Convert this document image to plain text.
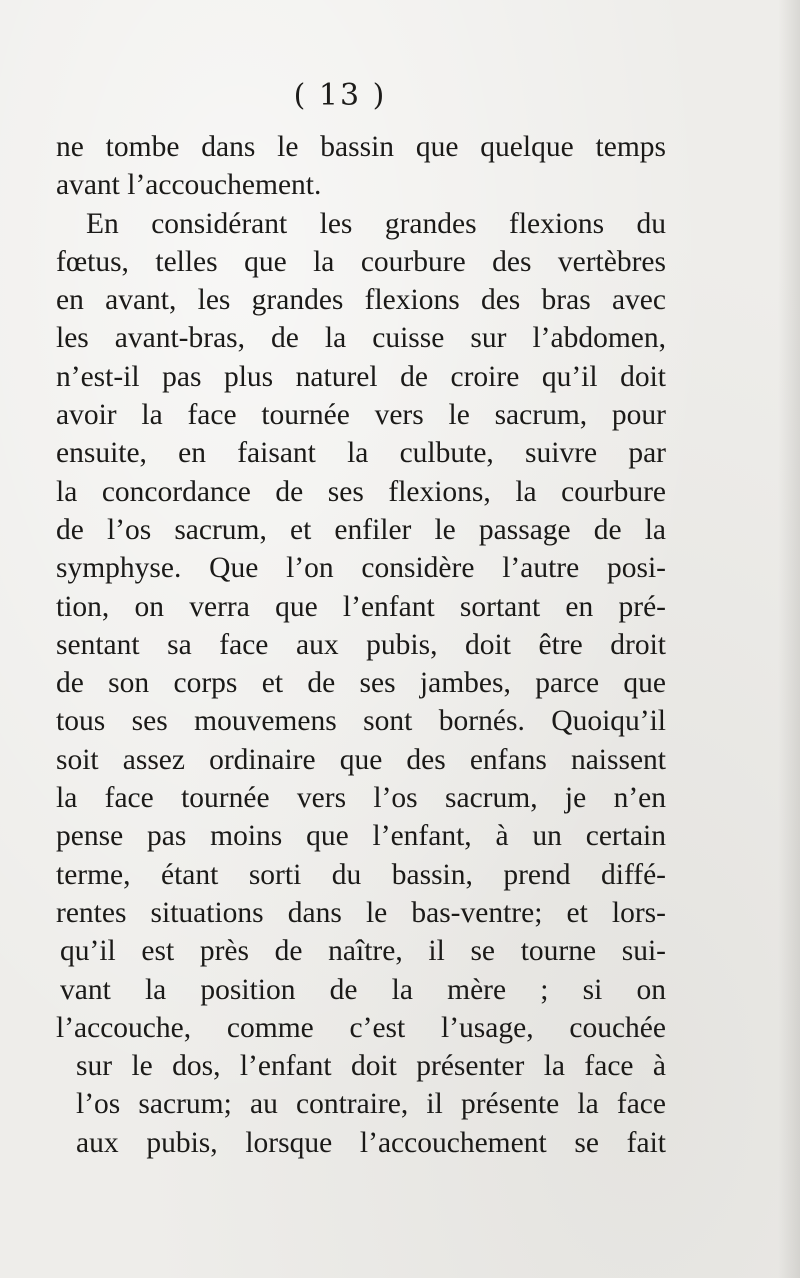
( 13 )
ne tombe dans le bassin que quelque temps
avant l’accouchement.
En considérant les grandes flexions du
fœtus, telles que la courbure des vertèbres
en avant, les grandes flexions des bras avec
les avant-bras, de la cuisse sur l’abdomen,
n’est-il pas plus naturel de croire qu’il doit
avoir la face tournée vers le sacrum, pour
ensuite, en faisant la culbute, suivre par
la concordance de ses flexions, la courbure
de l’os sacrum, et enfiler le passage de la
symphyse. Que l’on considère l’autre posi-
tion, on verra que l’enfant sortant en pré-
sentant sa face aux pubis, doit être droit
de son corps et de ses jambes, parce que
tous ses mouvemens sont bornés. Quoiqu’il
soit assez ordinaire que des enfans naissent
la face tournée vers l’os sacrum, je n’en
pense pas moins que l’enfant, à un certain
terme, étant sorti du bassin, prend diffé-
rentes situations dans le bas-ventre; et lors-
qu’il est près de naître, il se tourne sui-
vant la position de la mère ; si on
l’accouche, comme c’est l’usage, couchée
sur le dos, l’enfant doit présenter la face à
l’os sacrum; au contraire, il présente la face
aux pubis, lorsque l’accouchement se fait
